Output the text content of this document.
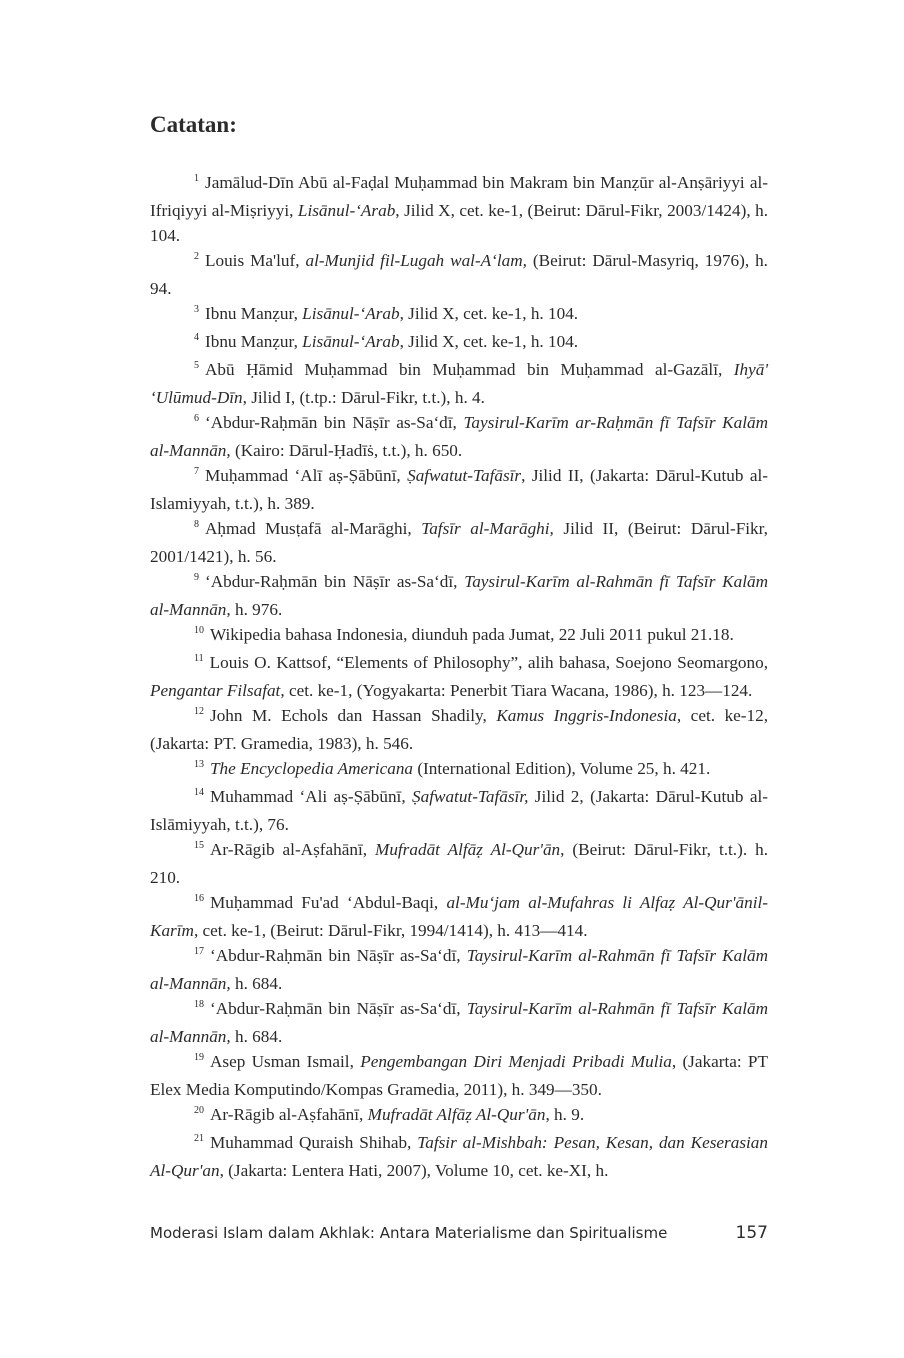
Catatan:

$^1$ Jamālud-Dīn Abū al-Faḍal Muḥammad bin Makram bin Manẓūr al-Anṣāriyyi al-Ifriqiyyi al-Miṣriyyi, Lisānul-‘Arab, Jilid X, cet. ke-1, (Beirut: Dārul-Fikr, 2003/1424), h. 104.

$^2$ Louis Ma'luf, al-Munjid fil-Lugah wal-A‘lam, (Beirut: Dārul-Masyriq, 1976), h. 94.

$^3$ Ibnu Manẓur, Lisānul-‘Arab, Jilid X, cet. ke-1, h. 104.

$^4$ Ibnu Manẓur, Lisānul-‘Arab, Jilid X, cet. ke-1, h. 104.

$^5$ Abū Ḥāmid Muḥammad bin Muḥammad bin Muḥammad al-Gazālī, Ihyā' ‘Ulūmud-Dīn, Jilid I, (t.tp.: Dārul-Fikr, t.t.), h. 4.

$^6$ ‘Abdur-Raḥmān bin Nāṣīr as-Sa‘dī, Taysirul-Karīm ar-Raḥmān fī Tafsīr Kalām al-Mannān, (Kairo: Dārul-Ḥadīṡ, t.t.), h. 650.

$^7$ Muḥammad ‘Alī aṣ-Ṣābūnī, Ṣafwatut-Tafāsīr, Jilid II, (Jakarta: Dārul-Kutub al-Islamiyyah, t.t.), h. 389.

$^8$ Aḥmad Musṭafā al-Marāghi, Tafsīr al-Marāghi, Jilid II, (Beirut: Dārul-Fikr, 2001/1421), h. 56.

$^9$ ‘Abdur-Raḥmān bin Nāṣīr as-Sa‘dī, Taysirul-Karīm al-Rahmān fī Tafsīr Kalām al-Mannān, h. 976.

$^{10}$ Wikipedia bahasa Indonesia, diunduh pada Jumat, 22 Juli 2011 pukul 21.18.

$^{11}$ Louis O. Kattsof, “Elements of Philosophy”, alih bahasa, Soejono Seomargono, Pengantar Filsafat, cet. ke-1, (Yogyakarta: Penerbit Tiara Wacana, 1986), h. 123—124.

$^{12}$ John M. Echols dan Hassan Shadily, Kamus Inggris-Indonesia, cet. ke-12, (Jakarta: PT. Gramedia, 1983), h. 546.

$^{13}$ The Encyclopedia Americana (International Edition), Volume 25, h. 421.

$^{14}$ Muhammad ‘Ali aṣ-Ṣābūnī, Ṣafwatut-Tafāsīr, Jilid 2, (Jakarta: Dārul-Kutub al-Islāmiyyah, t.t.), 76.

$^{15}$ Ar-Rāgib al-Aṣfahānī, Mufradāt Alfāẓ Al-Qur'ān, (Beirut: Dārul-Fikr, t.t.). h. 210.

$^{16}$ Muḥammad Fu'ad ‘Abdul-Baqi, al-Mu‘jam al-Mufahras li Alfaẓ Al-Qur'ānil-Karīm, cet. ke-1, (Beirut: Dārul-Fikr, 1994/1414), h. 413—414.

$^{17}$ ‘Abdur-Raḥmān bin Nāṣīr as-Sa‘dī, Taysirul-Karīm al-Rahmān fī Tafsīr Kalām al-Mannān, h. 684.

$^{18}$ ‘Abdur-Raḥmān bin Nāṣīr as-Sa‘dī, Taysirul-Karīm al-Rahmān fī Tafsīr Kalām al-Mannān, h. 684.

$^{19}$ Asep Usman Ismail, Pengembangan Diri Menjadi Pribadi Mulia, (Jakarta: PT Elex Media Komputindo/Kompas Gramedia, 2011), h. 349—350.

$^{20}$ Ar-Rāgib al-Aṣfahānī, Mufradāt Alfāẓ Al-Qur'ān, h. 9.

$^{21}$ Muhammad Quraish Shihab, Tafsir al-Mishbah: Pesan, Kesan, dan Keserasian Al-Qur'an, (Jakarta: Lentera Hati, 2007), Volume 10, cet. ke-XI, h.

Moderasi Islam dalam Akhlak: Antara Materialisme dan Spiritualisme	157
